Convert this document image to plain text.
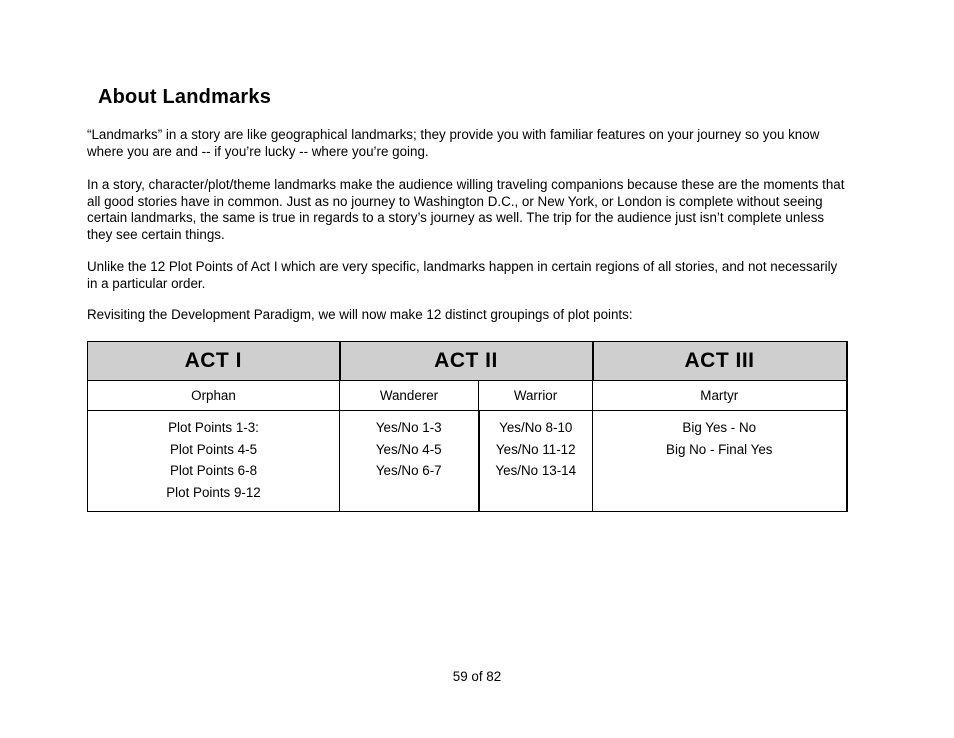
About Landmarks

“Landmarks” in a story are like geographical landmarks; they provide you with familiar features on your journey so you know where you are and -- if you’re lucky -- where you’re going.

In a story, character/plot/theme landmarks make the audience willing traveling companions because these are the moments that all good stories have in common. Just as no journey to Washington D.C., or New York, or London is complete without seeing certain landmarks, the same is true in regards to a story’s journey as well. The trip for the audience just isn’t complete unless they see certain things.

Unlike the 12 Plot Points of Act I which are very specific, landmarks happen in certain regions of all stories, and not necessarily in a particular order.

Revisiting the Development Paradigm, we will now make 12 distinct groupings of plot points:

ACT I	ACT II		ACT III
Orphan	Wanderer	Warrior	Martyr

Plot Points 1-3:
Plot Points 4-5
Plot Points 6-8
Plot Points 9-12	Yes/No 1-3
Yes/No 4-5
Yes/No 6-7	Yes/No 8-10
Yes/No 11-12
Yes/No 13-14	Big Yes - No
Big No - Final Yes
59 of 82
